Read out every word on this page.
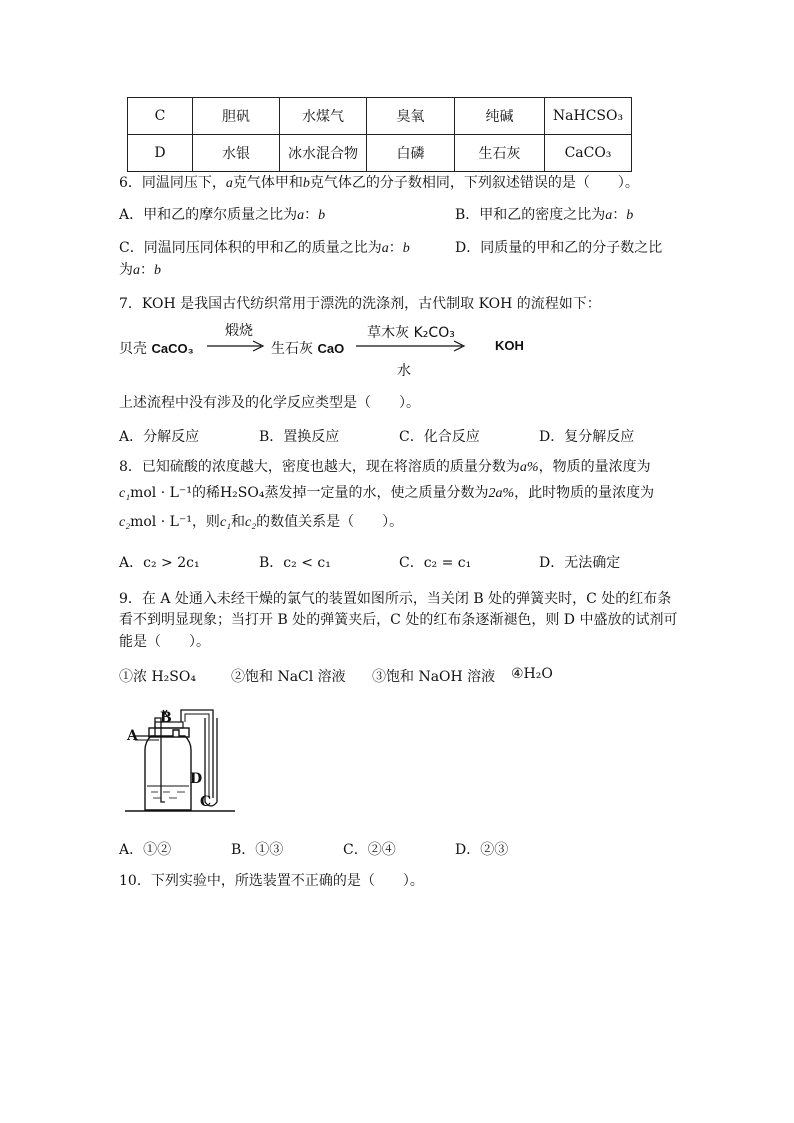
C	胆矾	水煤气	臭氧	纯碱	NaHCSO₃
D	水银	冰水混合物	白磷	生石灰	CaCO₃
6．同温同压下，a克气体甲和b克气体乙的分子数相同，下列叙述错误的是（　　）。
A．甲和乙的摩尔质量之比为a：b	B．甲和乙的密度之比为a：b
C．同温同压同体积的甲和乙的质量之比为a：b	D．同质量的甲和乙的分子数之比
为a：b
7．KOH 是我国古代纺织常用于漂洗的洗涤剂，古代制取 KOH 的流程如下：
贝壳 CaCO₃
煅烧
生石灰 CaO
草木灰 K₂CO₃
水
KOH
上述流程中没有涉及的化学反应类型是（　　）。
A．分解反应	B．置换反应	C．化合反应	D．复分解反应
8．已知硫酸的浓度越大，密度也越大，现在将溶质的质量分数为a%，物质的量浓度为
c₁mol · L⁻¹的稀H₂SO₄蒸发掉一定量的水，使之质量分数为2a%，此时物质的量浓度为
c₂mol · L⁻¹，则c₁和c₂的数值关系是（　　）。
A．c₂ > 2c₁	B．c₂ < c₁	C．c₂ = c₁	D．无法确定
9．在 A 处通入未经干燥的氯气的装置如图所示，当关闭 B 处的弹簧夹时，C 处的红布条
看不到明显现象；当打开 B 处的弹簧夹后，C 处的红布条逐渐褪色，则 D 中盛放的试剂可
能是（　　）。
①浓 H₂SO₄	②饱和 NaCl 溶液 ③饱和 NaOH 溶液 ④H₂O
A
B
D
C
A．①②	B．①③	C．②④	D．②③
10．下列实验中，所选装置不正确的是（　　）。
